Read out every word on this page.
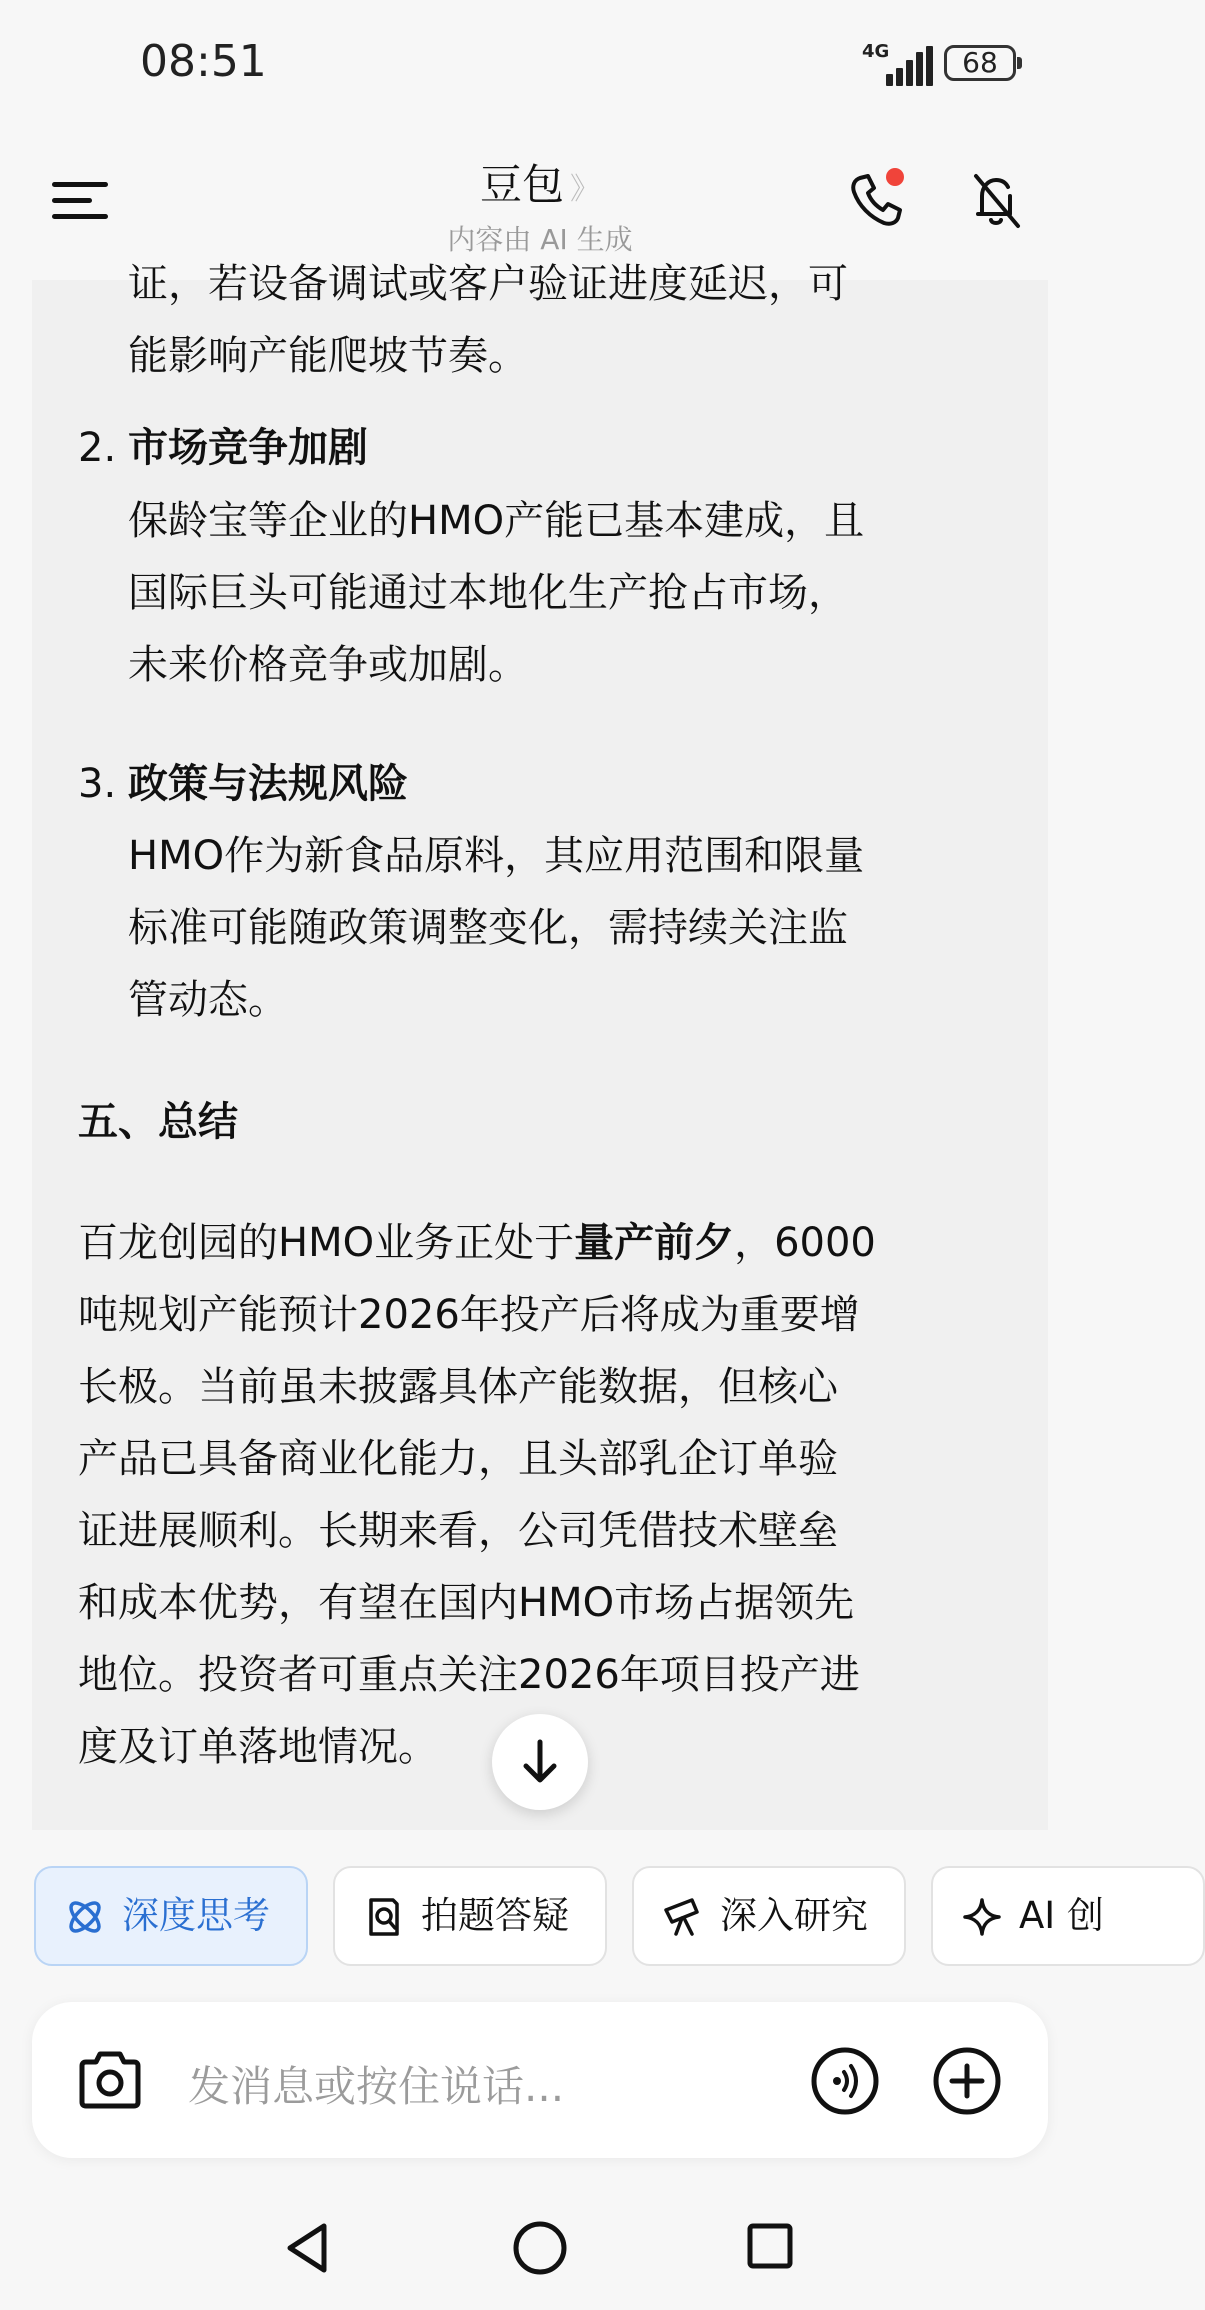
08:51	4G	68
豆包 》
内容由 AI 生成
证，若设备调试或客户验证进度延迟，可
能影响产能爬坡节奏。
2. 市场竞争加剧
保龄宝等企业的HMO产能已基本建成，且
国际巨头可能通过本地化生产抢占市场，
未来价格竞争或加剧。
3. 政策与法规风险
HMO作为新食品原料，其应用范围和限量
标准可能随政策调整变化，需持续关注监
管动态。
五、总结
百龙创园的HMO业务正处于量产前夕，6000
吨规划产能预计2026年投产后将成为重要增
长极。当前虽未披露具体产能数据，但核心
产品已具备商业化能力，且头部乳企订单验
证进展顺利。长期来看，公司凭借技术壁垒
和成本优势，有望在国内HMO市场占据领先
地位。投资者可重点关注2026年项目投产进
度及订单落地情况。
深度思考	拍题答疑	深入研究	AI 创
发消息或按住说话...
